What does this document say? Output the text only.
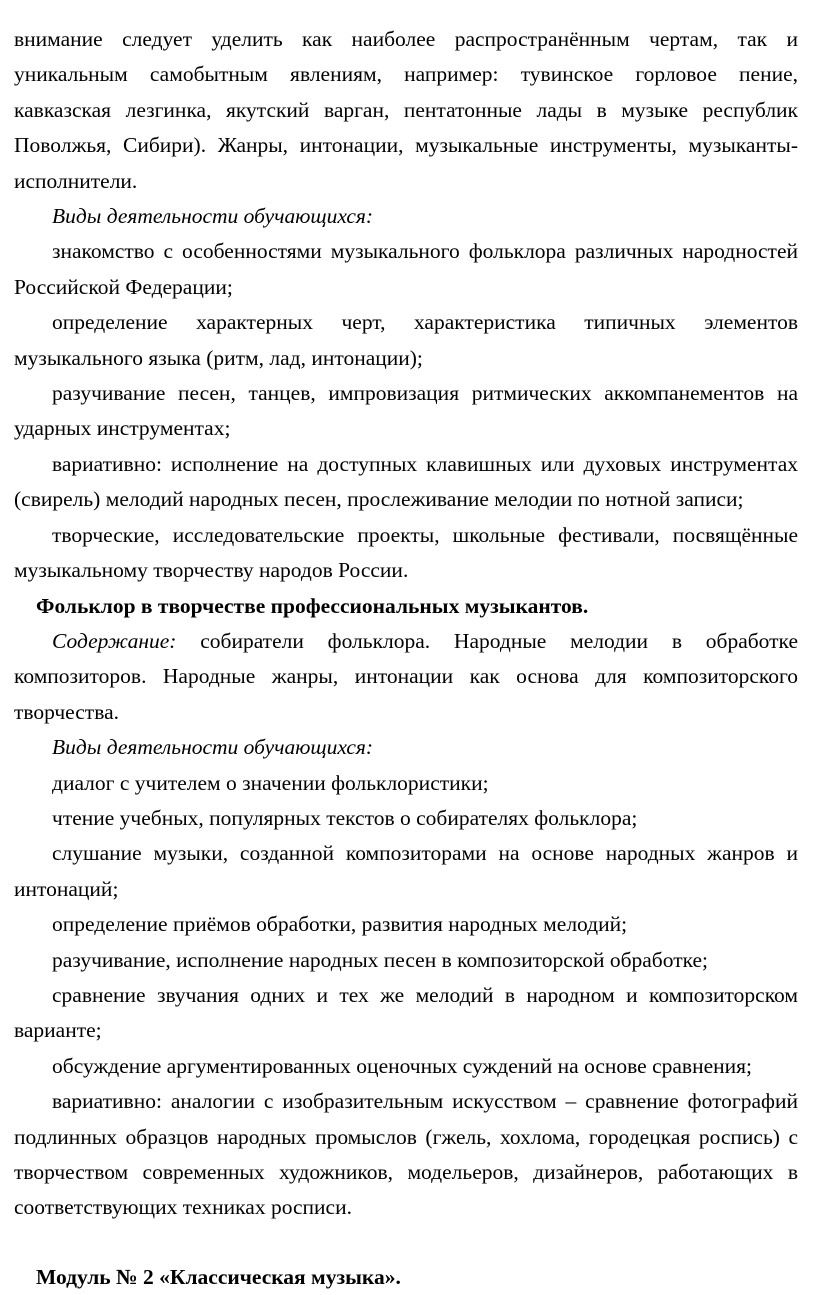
внимание следует уделить как наиболее распространённым чертам, так и уникальным самобытным явлениям, например: тувинское горловое пение, кавказская лезгинка, якутский варган, пентатонные лады в музыке республик Поволжья, Сибири). Жанры, интонации, музыкальные инструменты, музыканты-исполнители.

Виды деятельности обучающихся:

знакомство с особенностями музыкального фольклора различных народностей Российской Федерации;

определение характерных черт, характеристика типичных элементов музыкального языка (ритм, лад, интонации);

разучивание песен, танцев, импровизация ритмических аккомпанементов на ударных инструментах;

вариативно: исполнение на доступных клавишных или духовых инструментах (свирель) мелодий народных песен, прослеживание мелодии по нотной записи;

творческие, исследовательские проекты, школьные фестивали, посвящённые музыкальному творчеству народов России.

Фольклор в творчестве профессиональных музыкантов.

Содержание: собиратели фольклора. Народные мелодии в обработке композиторов. Народные жанры, интонации как основа для композиторского творчества.

Виды деятельности обучающихся:

диалог с учителем о значении фольклористики;

чтение учебных, популярных текстов о собирателях фольклора;

слушание музыки, созданной композиторами на основе народных жанров и интонаций;

определение приёмов обработки, развития народных мелодий;

разучивание, исполнение народных песен в композиторской обработке;

сравнение звучания одних и тех же мелодий в народном и композиторском варианте;

обсуждение аргументированных оценочных суждений на основе сравнения;

вариативно: аналогии с изобразительным искусством – сравнение фотографий подлинных образцов народных промыслов (гжель, хохлома, городецкая роспись) с творчеством современных художников, модельеров, дизайнеров, работающих в соответствующих техниках росписи.

Модуль № 2 «Классическая музыка».
